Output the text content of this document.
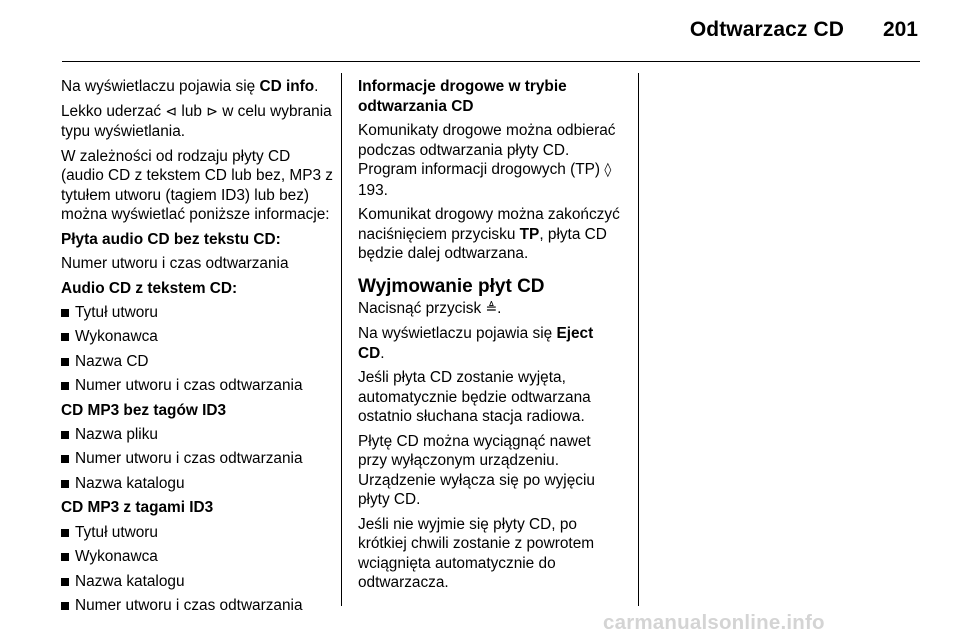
Odtwarzacz CD 201

Na wyświetlaczu pojawia się CD info.

Lekko uderzać ⊲ lub ⊳ w celu wybrania typu wyświetlania.

W zależności od rodzaju płyty CD (audio CD z tekstem CD lub bez, MP3 z tytułem utworu (tagiem ID3) lub bez) można wyświetlać poniższe informacje:

Płyta audio CD bez tekstu CD:

Numer utworu i czas odtwarzania

Audio CD z tekstem CD:

Tytuł utworu
Wykonawca
Nazwa CD
Numer utworu i czas odtwarzania

CD MP3 bez tagów ID3

Nazwa pliku
Numer utworu i czas odtwarzania
Nazwa katalogu

CD MP3 z tagami ID3

Tytuł utworu
Wykonawca
Nazwa katalogu
Numer utworu i czas odtwarzania

Informacje drogowe w trybie odtwarzania CD

Komunikaty drogowe można odbierać podczas odtwarzania płyty CD. Program informacji drogowych (TP) ◊ 193.

Komunikat drogowy można zakończyć naciśnięciem przycisku TP, płyta CD będzie dalej odtwarzana.

Wyjmowanie płyt CD

Nacisnąć przycisk ≜.

Na wyświetlaczu pojawia się Eject CD.

Jeśli płyta CD zostanie wyjęta, automatycznie będzie odtwarzana ostatnio słuchana stacja radiowa.

Płytę CD można wyciągnąć nawet przy wyłączonym urządzeniu. Urządzenie wyłącza się po wyjęciu płyty CD.

Jeśli nie wyjmie się płyty CD, po krótkiej chwili zostanie z powrotem wciągnięta automatycznie do odtwarzacza.

carmanualsonline.info
